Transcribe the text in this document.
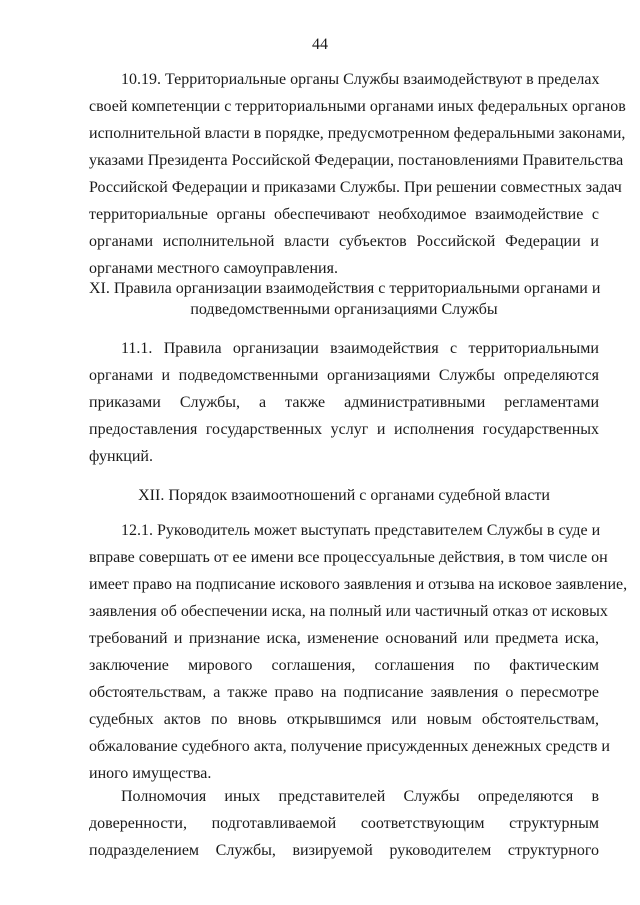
44
10.19. Территориальные органы Службы взаимодействуют в пределах
своей компетенции с территориальными органами иных федеральных органов
исполнительной власти в порядке, предусмотренном федеральными законами,
указами Президента Российской Федерации, постановлениями Правительства
Российской Федерации и приказами Службы. При решении совместных задач
территориальные органы обеспечивают необходимое взаимодействие с
органами исполнительной власти субъектов Российской Федерации и
органами местного самоуправления.
XI. Правила организации взаимодействия с территориальными органами и
подведомственными организациями Службы
11.1. Правила организации взаимодействия с территориальными
органами и подведомственными организациями Службы определяются
приказами Службы, а также административными регламентами
предоставления государственных услуг и исполнения государственных
функций.
XII. Порядок взаимоотношений с органами судебной власти
12.1. Руководитель может выступать представителем Службы в суде и
вправе совершать от ее имени все процессуальные действия, в том числе он
имеет право на подписание искового заявления и отзыва на исковое заявление,
заявления об обеспечении иска, на полный или частичный отказ от исковых
требований и признание иска, изменение оснований или предмета иска,
заключение мирового соглашения, соглашения по фактическим
обстоятельствам, а также право на подписание заявления о пересмотре
судебных актов по вновь открывшимся или новым обстоятельствам,
обжалование судебного акта, получение присужденных денежных средств и
иного имущества.
Полномочия иных представителей Службы определяются в
доверенности, подготавливаемой соответствующим структурным
подразделением Службы, визируемой руководителем структурного
